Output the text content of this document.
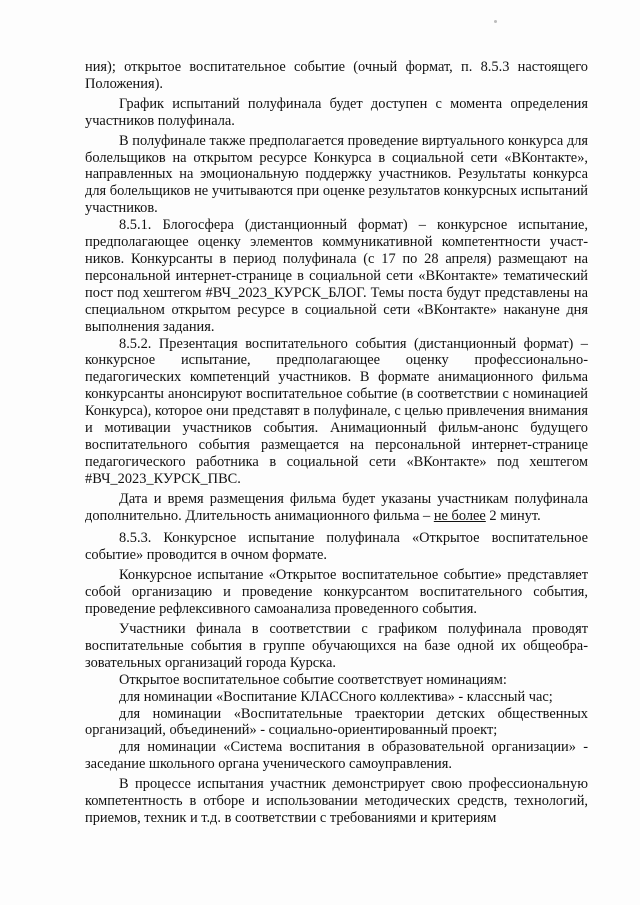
ния); открытое воспитательное событие (очный формат, п. 8.5.3 настоящего Положения).

График испытаний полуфинала будет доступен с момента определения участников полуфинала.

В полуфинале также предполагается проведение виртуального конкурса для болельщиков на открытом ресурсе Конкурса в социальной сети «ВКонтакте», направленных на эмоциональную поддержку участников. Результаты конкурса для болельщиков не учитываются при оценке результатов конкурсных испытаний участников.

8.5.1. Блогосфера (дистанционный формат) – конкурсное испытание, предполагающее оценку элементов коммуникативной компетентности участников. Конкурсанты в период полуфинала (с 17 по 28 апреля) размещают на персональной интернет-странице в социальной сети «ВКонтакте» тематический пост под хештегом #ВЧ_2023_КУРСК_БЛОГ. Темы поста будут представлены на специальном открытом ресурсе в социальной сети «ВКонтакте» накануне дня выполнения задания.

8.5.2. Презентация воспитательного события (дистанционный формат) – конкурсное испытание, предполагающее оценку профессионально-педагогических компетенций участников. В формате анимационного фильма конкурсанты анонсируют воспитательное событие (в соответствии с номинацией Конкурса), которое они представят в полуфинале, с целью привлечения внимания и мотивации участников события. Анимационный фильм-анонс будущего воспитательного события размещается на персональной интернет-странице педагогического работника в социальной сети «ВКонтакте» под хештегом #ВЧ_2023_КУРСК_ПВС.

Дата и время размещения фильма будет указаны участникам полуфинала дополнительно. Длительность анимационного фильма – не более 2 минут.

8.5.3. Конкурсное испытание полуфинала «Открытое воспитательное событие» проводится в очном формате.

Конкурсное испытание «Открытое воспитательное событие» представляет собой организацию и проведение конкурсантом воспитательного события, проведение рефлексивного самоанализа проведенного события.

Участники финала в соответствии с графиком полуфинала проводят воспитательные события в группе обучающихся на базе одной их общеобразовательных организаций города Курска.

Открытое воспитательное событие соответствует номинациям:

для номинации «Воспитание КЛАССного коллектива» - классный час;

для номинации «Воспитательные траектории детских общественных организаций, объединений» - социально-ориентированный проект;

для номинации «Система воспитания в образовательной организации» - заседание школьного органа ученического самоуправления.

В процессе испытания участник демонстрирует свою профессиональную компетентность в отборе и использовании методических средств, технологий, приемов, техник и т.д. в соответствии с требованиями и критериям
